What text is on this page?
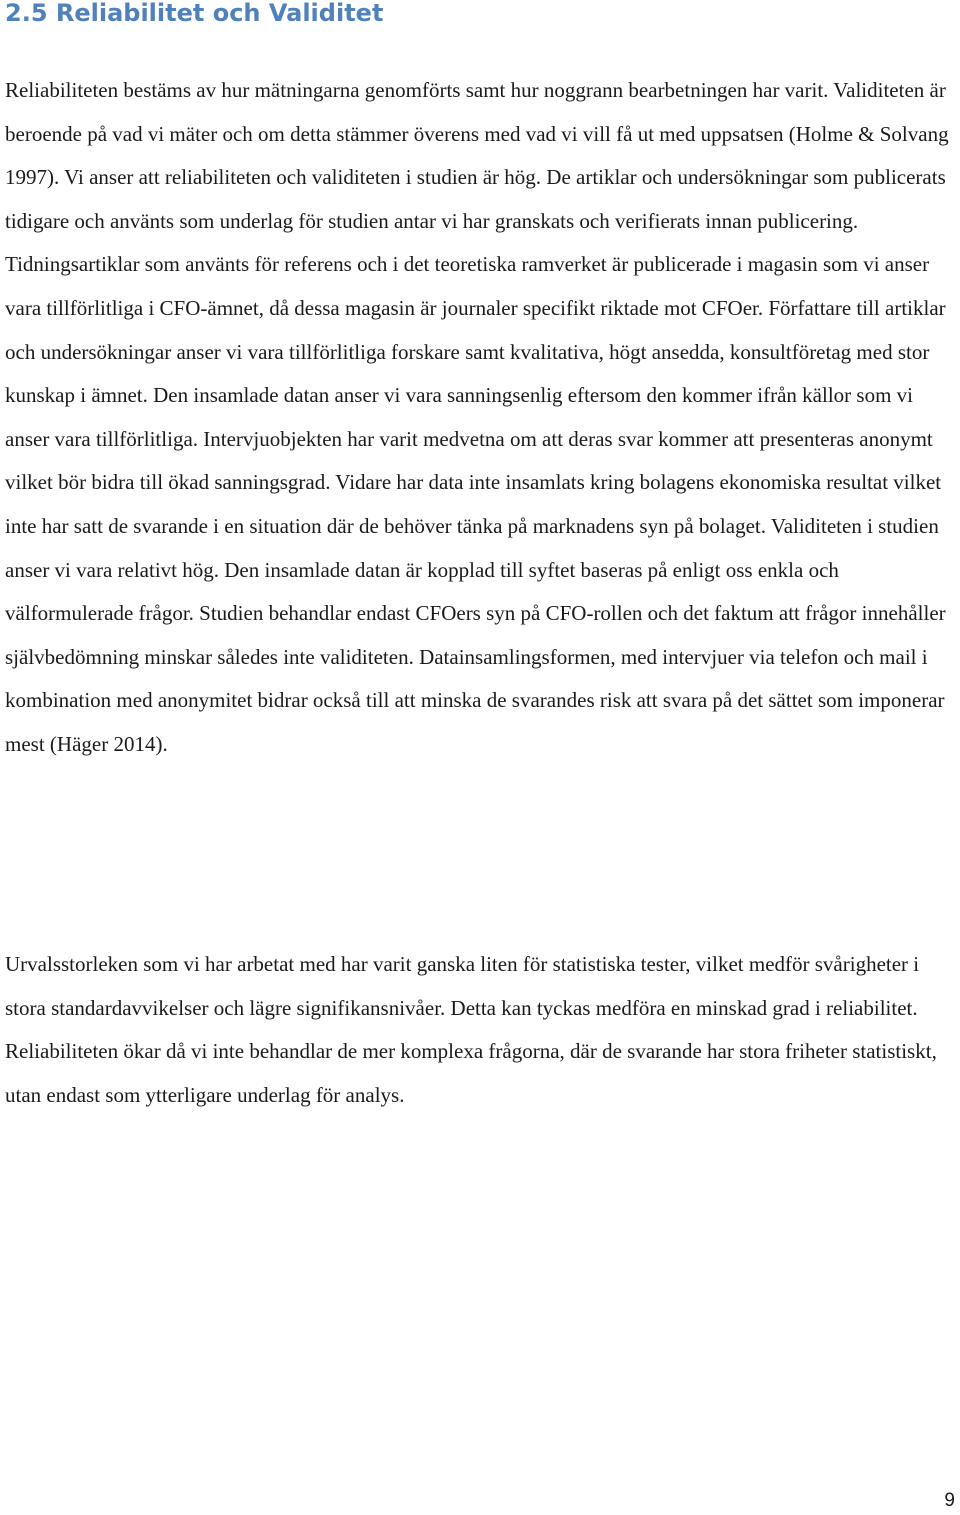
2.5 Reliabilitet och Validitet

Reliabiliteten bestäms av hur mätningarna genomförts samt hur noggrann bearbetningen har varit. Validiteten är beroende på vad vi mäter och om detta stämmer överens med vad vi vill få ut med uppsatsen (Holme & Solvang 1997). Vi anser att reliabiliteten och validiteten i studien är hög. De artiklar och undersökningar som publicerats tidigare och använts som underlag för studien antar vi har granskats och verifierats innan publicering. Tidningsartiklar som använts för referens och i det teoretiska ramverket är publicerade i magasin som vi anser vara tillförlitliga i CFO-ämnet, då dessa magasin är journaler specifikt riktade mot CFOer. Författare till artiklar och undersökningar anser vi vara tillförlitliga forskare samt kvalitativa, högt ansedda, konsultföretag med stor kunskap i ämnet. Den insamlade datan anser vi vara sanningsenlig eftersom den kommer ifrån källor som vi anser vara tillförlitliga. Intervjuobjekten har varit medvetna om att deras svar kommer att presenteras anonymt vilket bör bidra till ökad sanningsgrad. Vidare har data inte insamlats kring bolagens ekonomiska resultat vilket inte har satt de svarande i en situation där de behöver tänka på marknadens syn på bolaget. Validiteten i studien anser vi vara relativt hög. Den insamlade datan är kopplad till syftet baseras på enligt oss enkla och välformulerade frågor. Studien behandlar endast CFOers syn på CFO-rollen och det faktum att frågor innehåller självbedömning minskar således inte validiteten. Datainsamlingsformen, med intervjuer via telefon och mail i kombination med anonymitet bidrar också till att minska de svarandes risk att svara på det sättet som imponerar mest (Häger 2014).

Urvalsstorleken som vi har arbetat med har varit ganska liten för statistiska tester, vilket medför svårigheter i stora standardavvikelser och lägre signifikansnivåer. Detta kan tyckas medföra en minskad grad i reliabilitet. Reliabiliteten ökar då vi inte behandlar de mer komplexa frågorna, där de svarande har stora friheter statistiskt, utan endast som ytterligare underlag för analys.

9
